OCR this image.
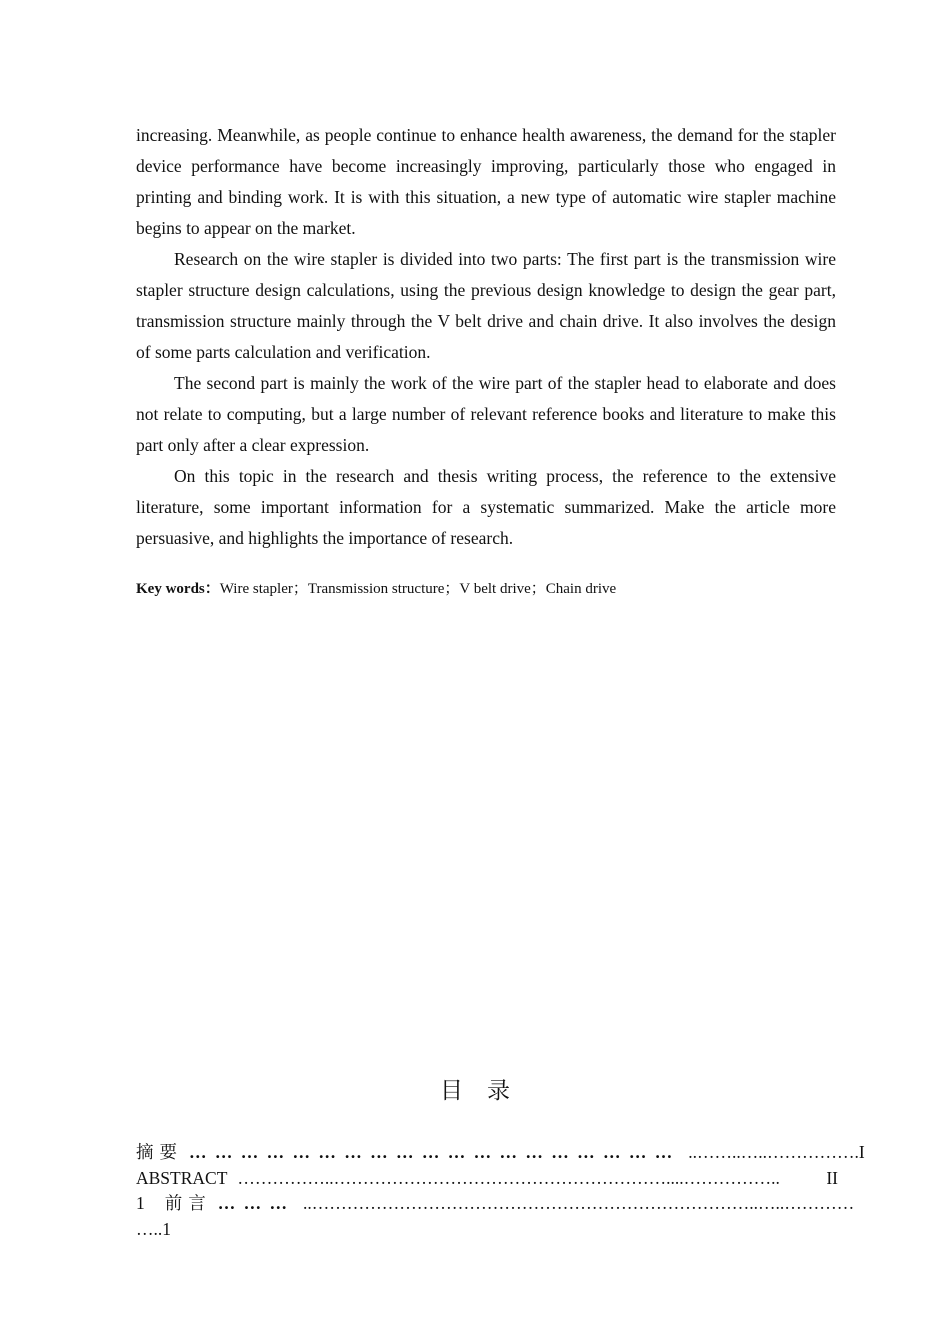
increasing. Meanwhile, as people continue to enhance health awareness, the demand for the stapler device performance have become increasingly improving, particularly those who engaged in printing and binding work. It is with this situation, a new type of automatic wire stapler machine begins to appear on the market.

Research on the wire stapler is divided into two parts: The first part is the transmission wire stapler structure design calculations, using the previous design knowledge to design the gear part, transmission structure mainly through the V belt drive and chain drive. It also involves the design of some parts calculation and verification.

The second part is mainly the work of the wire part of the stapler head to elaborate and does not relate to computing, but a large number of relevant reference books and literature to make this part only after a clear expression.

On this topic in the research and thesis writing process, the reference to the extensive literature, some important information for a systematic summarized. Make the article more persuasive, and highlights the importance of research.

Key words：Wire stapler；Transmission structure；V belt drive；Chain drive
目录
摘要 … … … … … … … … … … … … … … … … … … … ..……..…..……………. I
ABSTRACT ……………..…………………………………………………....……………..	II
1 前言 … … … ..…………………………………………………………………..…..…………
…..1
